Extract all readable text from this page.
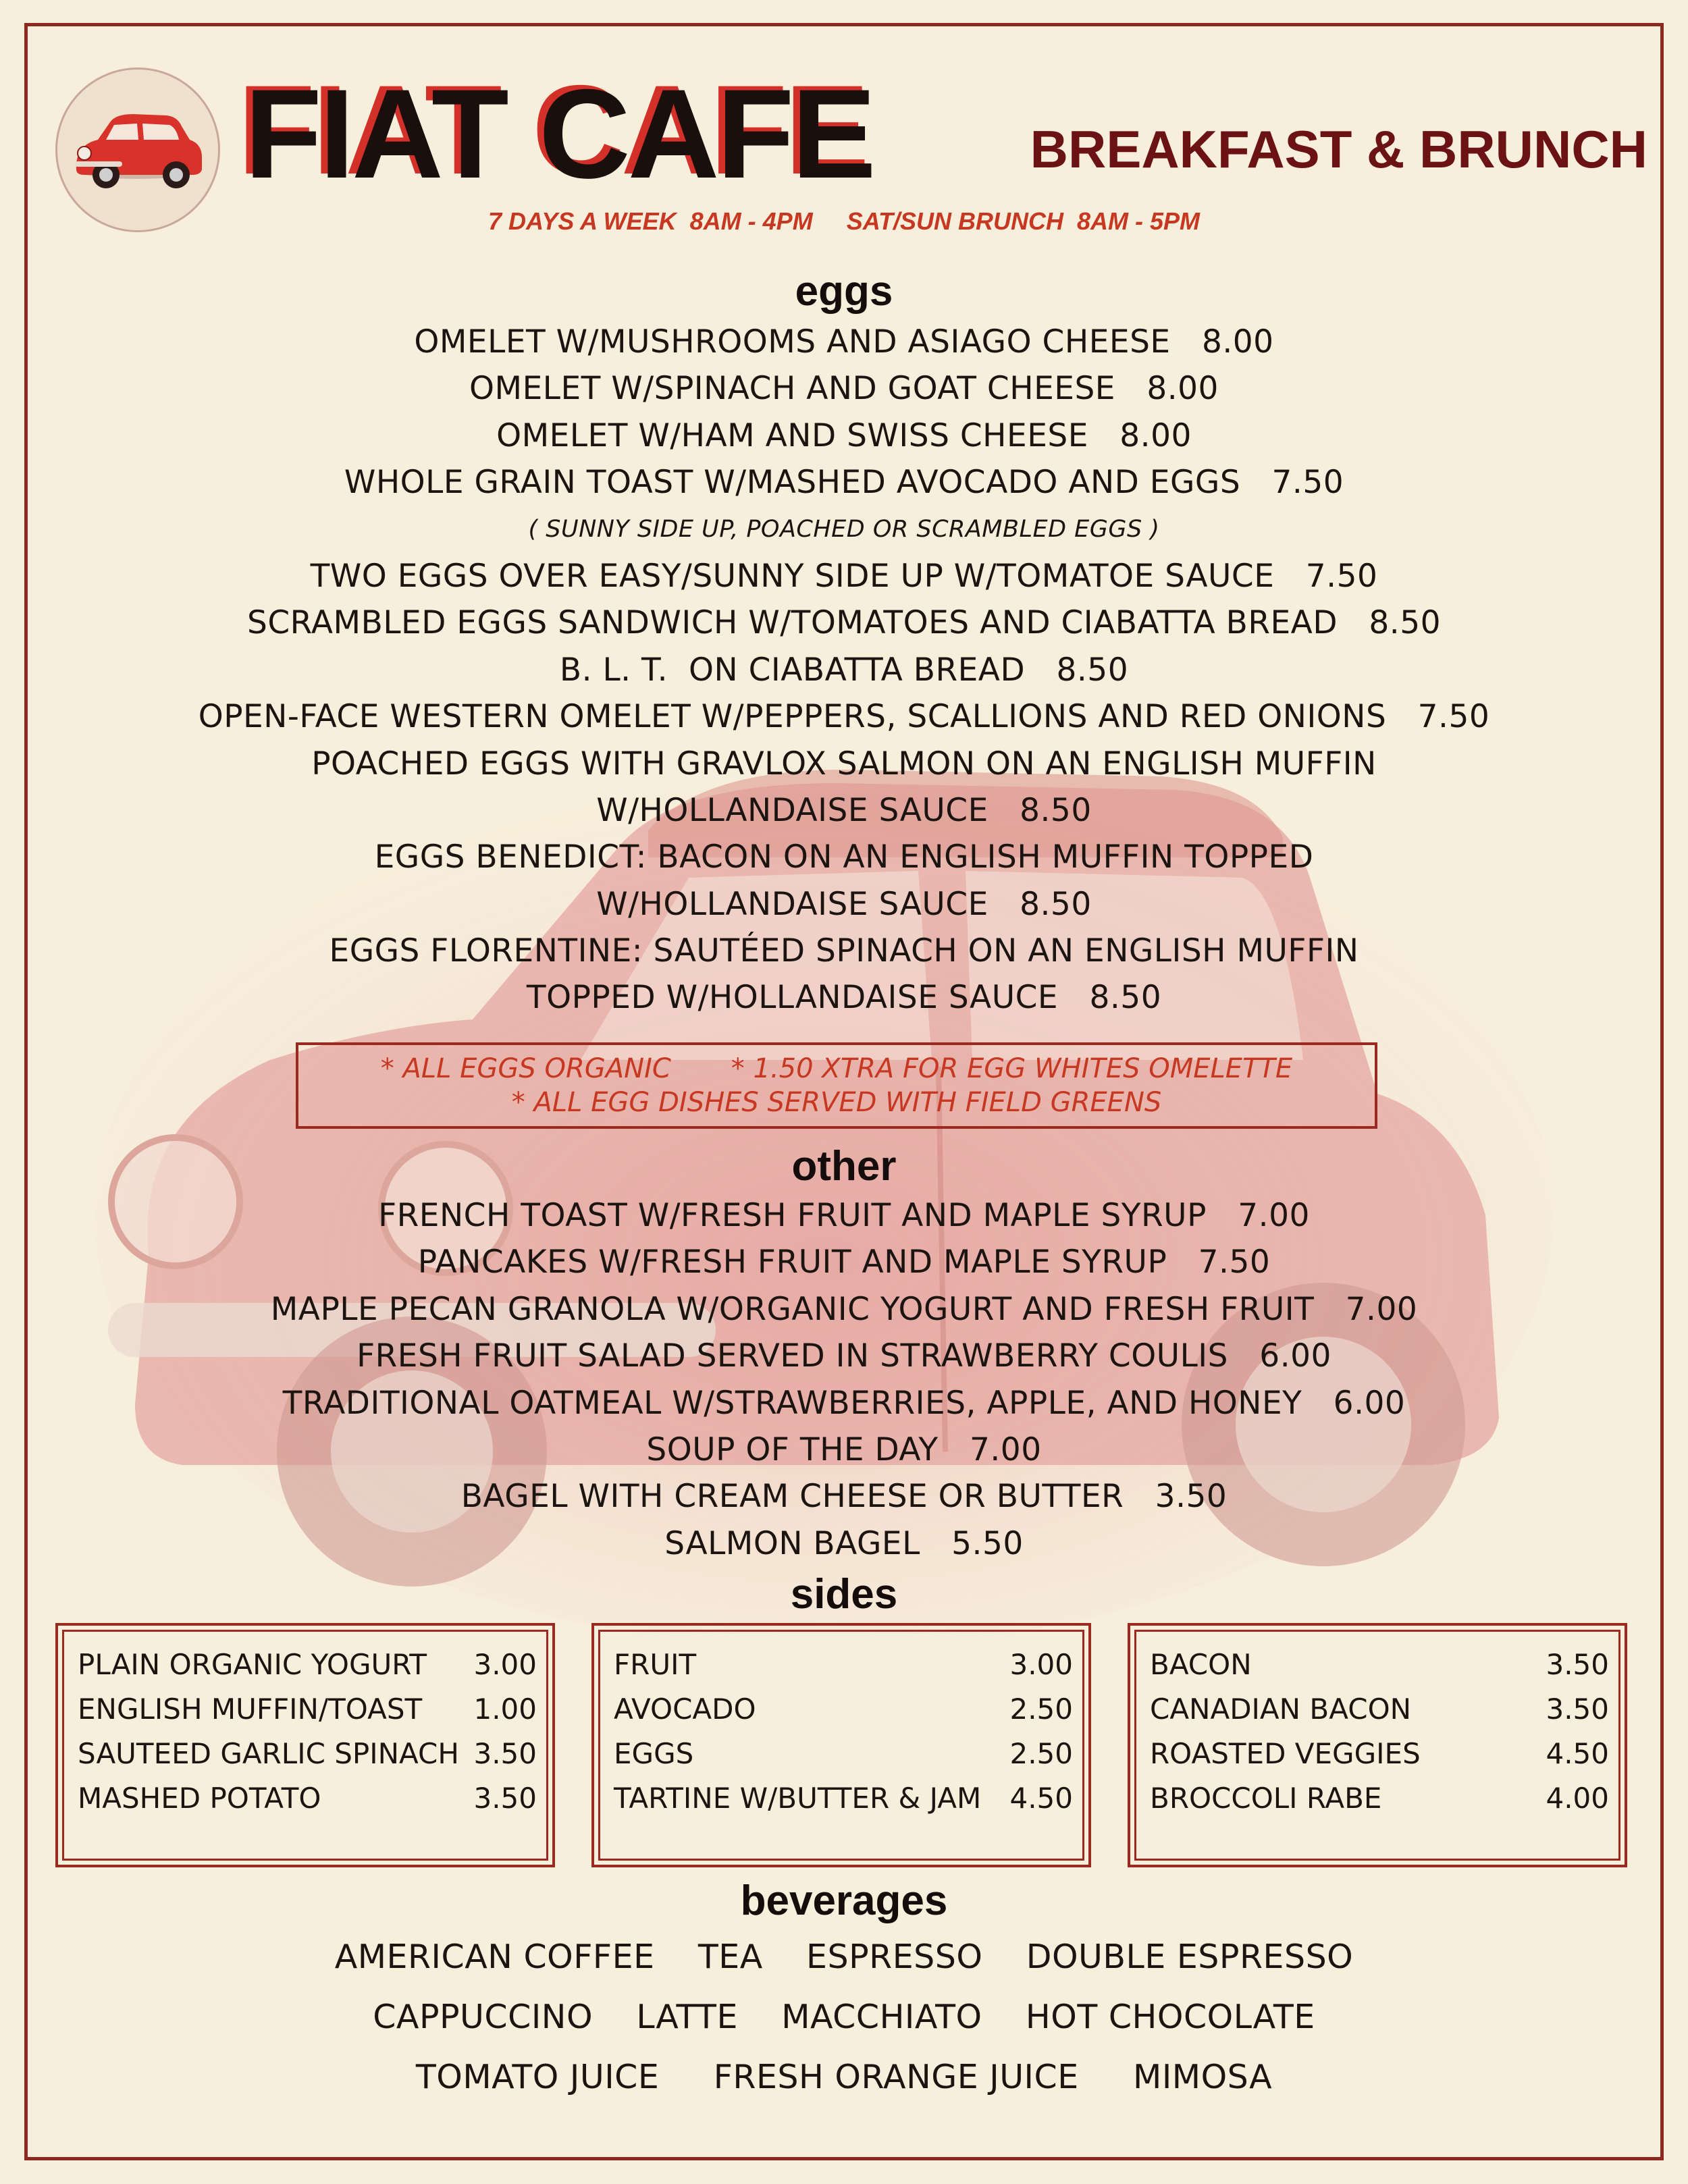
FIAT CAFE	BREAKFAST & BRUNCH
7 DAYS A WEEK  8AM - 4PM     SAT/SUN BRUNCH  8AM - 5PM
eggs
OMELET W/MUSHROOMS AND ASIAGO CHEESE   8.00
OMELET W/SPINACH AND GOAT CHEESE   8.00
OMELET W/HAM AND SWISS CHEESE   8.00
WHOLE GRAIN TOAST W/MASHED AVOCADO AND EGGS   7.50
( SUNNY SIDE UP, POACHED OR SCRAMBLED EGGS )
TWO EGGS OVER EASY/SUNNY SIDE UP W/TOMATOE SAUCE   7.50
SCRAMBLED EGGS SANDWICH W/TOMATOES AND CIABATTA BREAD   8.50
B. L. T.  ON CIABATTA BREAD   8.50
OPEN-FACE WESTERN OMELET W/PEPPERS, SCALLIONS AND RED ONIONS   7.50
POACHED EGGS WITH GRAVLOX SALMON ON AN ENGLISH MUFFIN
W/HOLLANDAISE SAUCE   8.50
EGGS BENEDICT: BACON ON AN ENGLISH MUFFIN TOPPED
W/HOLLANDAISE SAUCE   8.50
EGGS FLORENTINE: SAUTÉED SPINACH ON AN ENGLISH MUFFIN
TOPPED W/HOLLANDAISE SAUCE   8.50
* ALL EGGS ORGANIC       * 1.50 XTRA FOR EGG WHITES OMELETTE
* ALL EGG DISHES SERVED WITH FIELD GREENS
other
FRENCH TOAST W/FRESH FRUIT AND MAPLE SYRUP   7.00
PANCAKES W/FRESH FRUIT AND MAPLE SYRUP   7.50
MAPLE PECAN GRANOLA W/ORGANIC YOGURT AND FRESH FRUIT   7.00
FRESH FRUIT SALAD SERVED IN STRAWBERRY COULIS   6.00
TRADITIONAL OATMEAL W/STRAWBERRIES, APPLE, AND HONEY   6.00
SOUP OF THE DAY   7.00
BAGEL WITH CREAM CHEESE OR BUTTER   3.50
SALMON BAGEL   5.50
sides
PLAIN ORGANIC YOGURT 3.00
ENGLISH MUFFIN/TOAST 1.00
SAUTEED GARLIC SPINACH 3.50
MASHED POTATO	3.50
FRUIT	3.00
AVOCADO	2.50
EGGS	2.50
TARTINE W/BUTTER & JAM 4.50
BACON	3.50
CANADIAN BACON	3.50
ROASTED VEGGIES	4.50
BROCCOLI RABE	4.00
beverages
AMERICAN COFFEE    TEA    ESPRESSO    DOUBLE ESPRESSO
CAPPUCCINO    LATTE    MACCHIATO    HOT CHOCOLATE
TOMATO JUICE     FRESH ORANGE JUICE     MIMOSA
